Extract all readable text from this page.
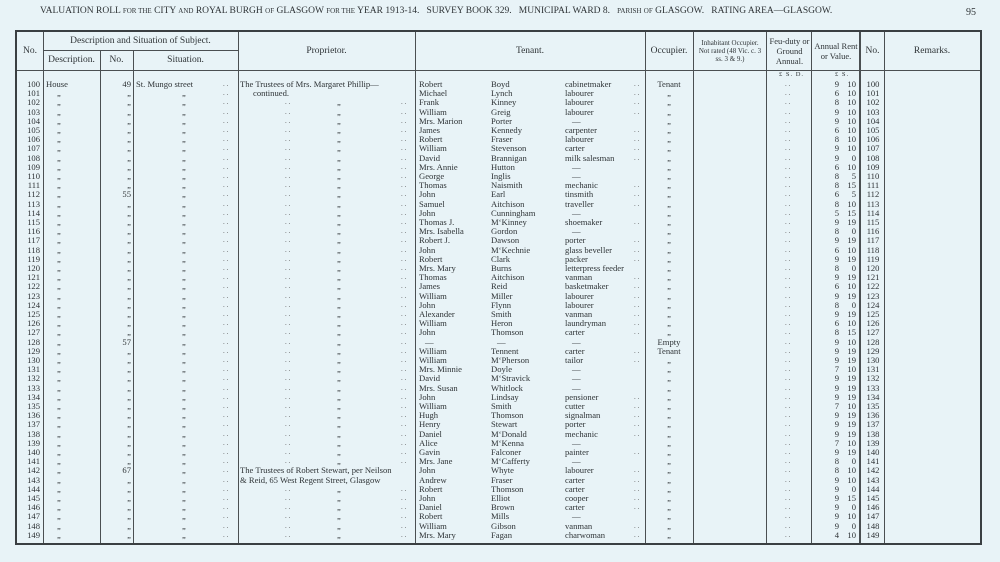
VALUATION ROLL FOR THE CITY AND ROYAL BURGH OF GLASGOW FOR THE YEAR 1913-14.  SURVEY BOOK 329.  MUNICIPAL WARD 8.  PARISH OF GLASGOW.  RATING AREA—GLASGOW.	95
No.
Description and Situation of Subject.
Description.	No.	Situation.
Proprietor.	Tenant.	Occupier.
Inhabitant Occupier. Not rated (48 Vic. c. 3 ss. 3 & 9.)
Feu-duty or Ground Annual.
Annual Rent or Value.	No.	Remarks.
£ S. D.	£ S.
100 House	49 St. Mungo street	. . The Trustees of Mrs. Margaret Phillip—	Robert	Boyd	cabinetmaker	. .	Tenant	. .	9 10	100
101 „	„	„	. .	continued.	Michael	Lynch	labourer	. .	„	. .	6 10	101
102 „	„	„	. .	. .	„	. . Frank	Kinney	labourer	. .	„	. .	8 10	102
103 „	„	„	. .	. .	„	. . William	Greig	labourer	. .	„	. .	9 10	103
104 „	„	„	. .	. .	„	. . Mrs. Marion	Porter	—	„	. .	9 10	104
105 „	„	„	. .	. .	„	. . James	Kennedy	carpenter	. .	„	. .	6 10	105
106 „	„	„	. .	. .	„	. . Robert	Fraser	labourer	. .	„	. .	8 10	106
107 „	„	„	. .	. .	„	. . William	Stevenson	carter	. .	„	. .	9 10	107
108 „	„	„	. .	. .	„	. . David	Brannigan	milk salesman	. .	„	. .	9	0	108
109 „	„	„	. .	. .	„	. . Mrs. Annie	Hutton	—	„	. .	6 10	109
110 „	„	„	. .	. .	„	. . George	Inglis	—	„	. .	8	5	110
111 „	„	„	. .	. .	„	. . Thomas	Naismith	mechanic	. .	„	. .	8 15	111
112 „	55	„	. .	. .	„	. . John	Earl	tinsmith	. .	„	. .	6	5	112
113 „	„	„	. .	. .	„	. . Samuel	Aitchison	traveller	. .	„	. .	8 10	113
114 „	„	„	. .	. .	„	. . John	Cunningham	—	„	. .	5 15	114
115 „	„	„	. .	. .	„	. . Thomas J.	M‘Kinney	shoemaker	. .	„	. .	9 19	115
116 „	„	„	. .	. .	„	. . Mrs. Isabella	Gordon	—	„	. .	8	0	116
117 „	„	„	. .	. .	„	. . Robert J.	Dawson	porter	. .	„	. .	9 19	117
118 „	„	„	. .	. .	„	. . John	M‘Kechnie	glass beveller	. .	„	. .	6 10	118
119 „	„	„	. .	. .	„	. . Robert	Clark	packer	. .	„	. .	9 19	119
120 „	„	„	. .	. .	„	. . Mrs. Mary	Burns	letterpress feeder	„	. .	8	0	120
121 „	„	„	. .	. .	„	. . Thomas	Aitchison	vanman	. .	„	. .	9 19	121
122 „	„	„	. .	. .	„	. . James	Reid	basketmaker	. .	„	. .	6 10	122
123 „	„	„	. .	. .	„	. . William	Miller	labourer	. .	„	. .	9 19	123
124 „	„	„	. .	. .	„	. . John	Flynn	labourer	. .	„	. .	8	0	124
125 „	„	„	. .	. .	„	. . Alexander	Smith	vanman	. .	„	. .	9 19	125
126 „	„	„	. .	. .	„	. . William	Heron	laundryman	. .	„	. .	6 10	126
127 „	„	„	. .	. .	„	. . John	Thomson	carter	. .	„	. .	8 15	127
128 „	57	„	. .	. .	„	. . —	—	—	Empty	. .	9 10	128
129 „	„	„	. .	. .	„	. . William	Tennent	carter	. .	Tenant	. .	9 19	129
130 „	„	„	. .	. .	„	. . William	M‘Pherson	tailor	. .	„	. .	9 19	130
131 „	„	„	. .	. .	„	. . Mrs. Minnie	Doyle	—	„	. .	7 10	131
132 „	„	„	. .	. .	„	. . David	M‘Stravick	—	„	. .	9 19	132
133 „	„	„	. .	. .	„	. . Mrs. Susan	Whitlock	—	„	. .	9 19	133
134 „	„	„	. .	. .	„	. . John	Lindsay	pensioner	. .	„	. .	9 19	134
135 „	„	„	. .	. .	„	. . William	Smith	cutter	. .	„	. .	7 10	135
136 „	„	„	. .	. .	„	. . Hugh	Thomson	signalman	. .	„	. .	9 19	136
137 „	„	„	. .	. .	„	. . Henry	Stewart	porter	. .	„	. .	9 19	137
138 „	„	„	. .	. .	„	. . Daniel	M‘Donald	mechanic	. .	„	. .	9 19	138
139 „	„	„	. .	. .	„	. . Alice	M‘Kenna	—	„	. .	7 10	139
140 „	„	„	. .	. .	„	. . Gavin	Falconer	painter	. .	„	. .	9 19	140
141 „	„	„	. .	. .	„	. . Mrs. Jane	M‘Cafferty	—	„	. .	8	0	141
142 „	67	„	. . The Trustees of Robert Stewart, per Neilson	John	Whyte	labourer	. .	„	. .	8 10	142
143 „	„	„	. . & Reid, 65 West Regent Street, Glasgow	Andrew	Fraser	carter	. .	„	. .	9 10	143
144 „	„	„	. .	. .	„	. . Robert	Thomson	carter	. .	„	. .	9	0	144
145 „	„	„	. .	. .	„	. . John	Elliot	cooper	. .	„	. .	9 15	145
146 „	„	„	. .	. .	„	. . Daniel	Brown	carter	. .	„	. .	9	0	146
147 „	„	„	. .	. .	„	. . Robert	Mills	—	„	. .	9 10	147
148 „	„	„	. .	. .	„	. . William	Gibson	vanman	. .	„	. .	9	0	148
149 „	„	„	. .	. .	„	. . Mrs. Mary	Fagan	charwoman	. .	„	. .	4 10	149
